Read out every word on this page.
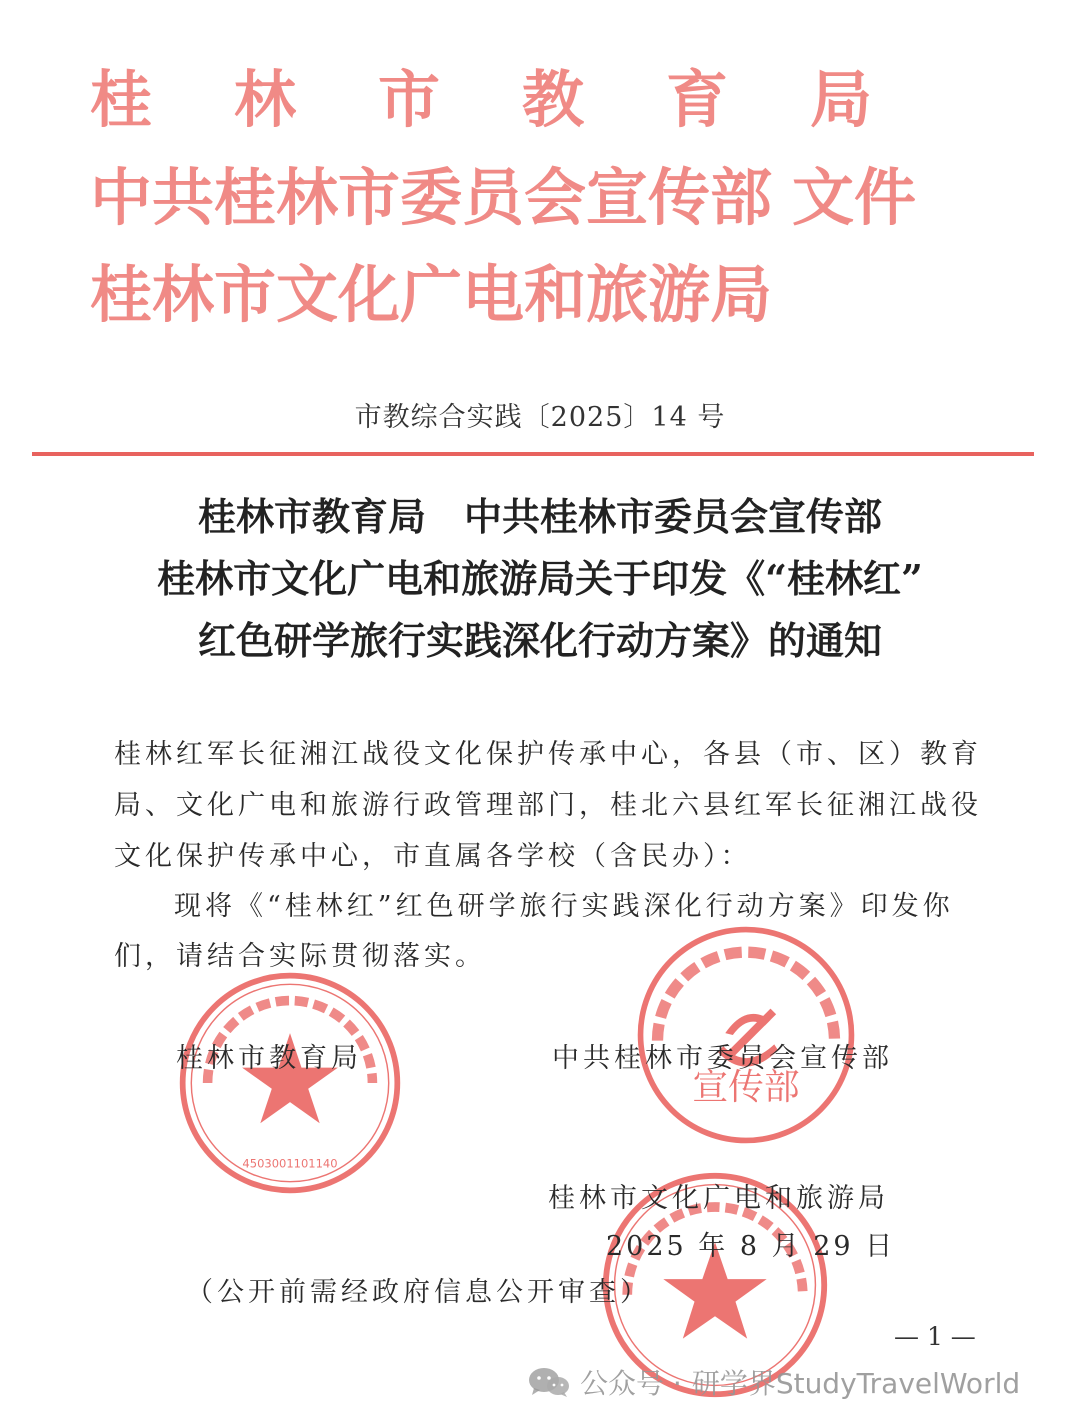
桂林市教育局

中共桂林市委员会宣传部 文件

桂林市文化广电和旅游局

市教综合实践〔2025〕14 号

桂林市教育局　中共桂林市委员会宣传部

桂林市文化广电和旅游局关于印发《“桂林红”

红色研学旅行实践深化行动方案》的通知

桂林红军长征湘江战役文化保护传承中心，各县（市、区）教育

局、文化广电和旅游行政管理部门，桂北六县红军长征湘江战役

文化保护传承中心，市直属各学校（含民办）：

现将《“桂林红”红色研学旅行实践深化行动方案》印发你

们，请结合实际贯彻落实。

4503001101140
宣传部
桂林市教育局	中共桂林市委员会宣传部
桂林市文化广电和旅游局
2025 年 8 月 29 日
（公开前需经政府信息公开审查）
— 1 —
公众号 · 研学界StudyTravelWorld
